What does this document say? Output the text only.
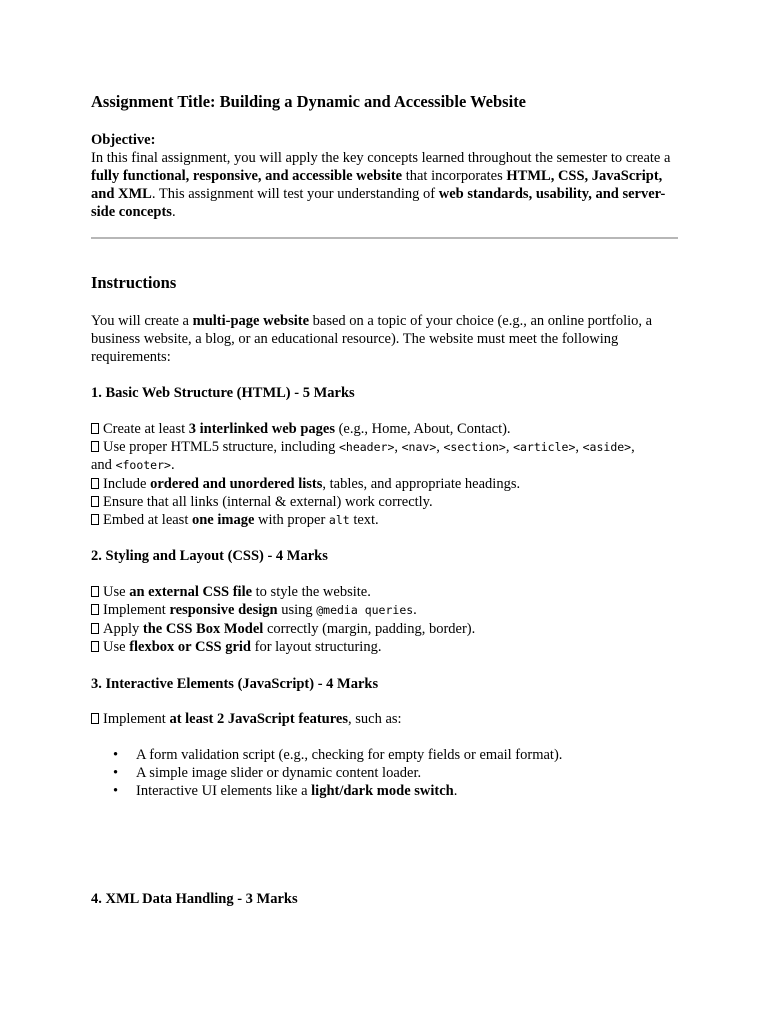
Assignment Title: Building a Dynamic and Accessible Website
Objective:
In this final assignment, you will apply the key concepts learned throughout the semester to create a fully functional, responsive, and accessible website that incorporates HTML, CSS, JavaScript, and XML. This assignment will test your understanding of web standards, usability, and server-side concepts.
Instructions
You will create a multi-page website based on a topic of your choice (e.g., an online portfolio, a business website, a blog, or an educational resource). The website must meet the following requirements:
1. Basic Web Structure (HTML) - 5 Marks
Create at least 3 interlinked web pages (e.g., Home, About, Contact).
Use proper HTML5 structure, including <header>, <nav>, <section>, <article>, <aside>,
and <footer>.
Include ordered and unordered lists, tables, and appropriate headings.
Ensure that all links (internal & external) work correctly.
Embed at least one image with proper alt text.
2. Styling and Layout (CSS) - 4 Marks
Use an external CSS file to style the website.
Implement responsive design using @media queries.
Apply the CSS Box Model correctly (margin, padding, border).
Use flexbox or CSS grid for layout structuring.
3. Interactive Elements (JavaScript) - 4 Marks
Implement at least 2 JavaScript features, such as:
• A form validation script (e.g., checking for empty fields or email format).
• A simple image slider or dynamic content loader.
• Interactive UI elements like a light/dark mode switch.
4. XML Data Handling - 3 Marks
